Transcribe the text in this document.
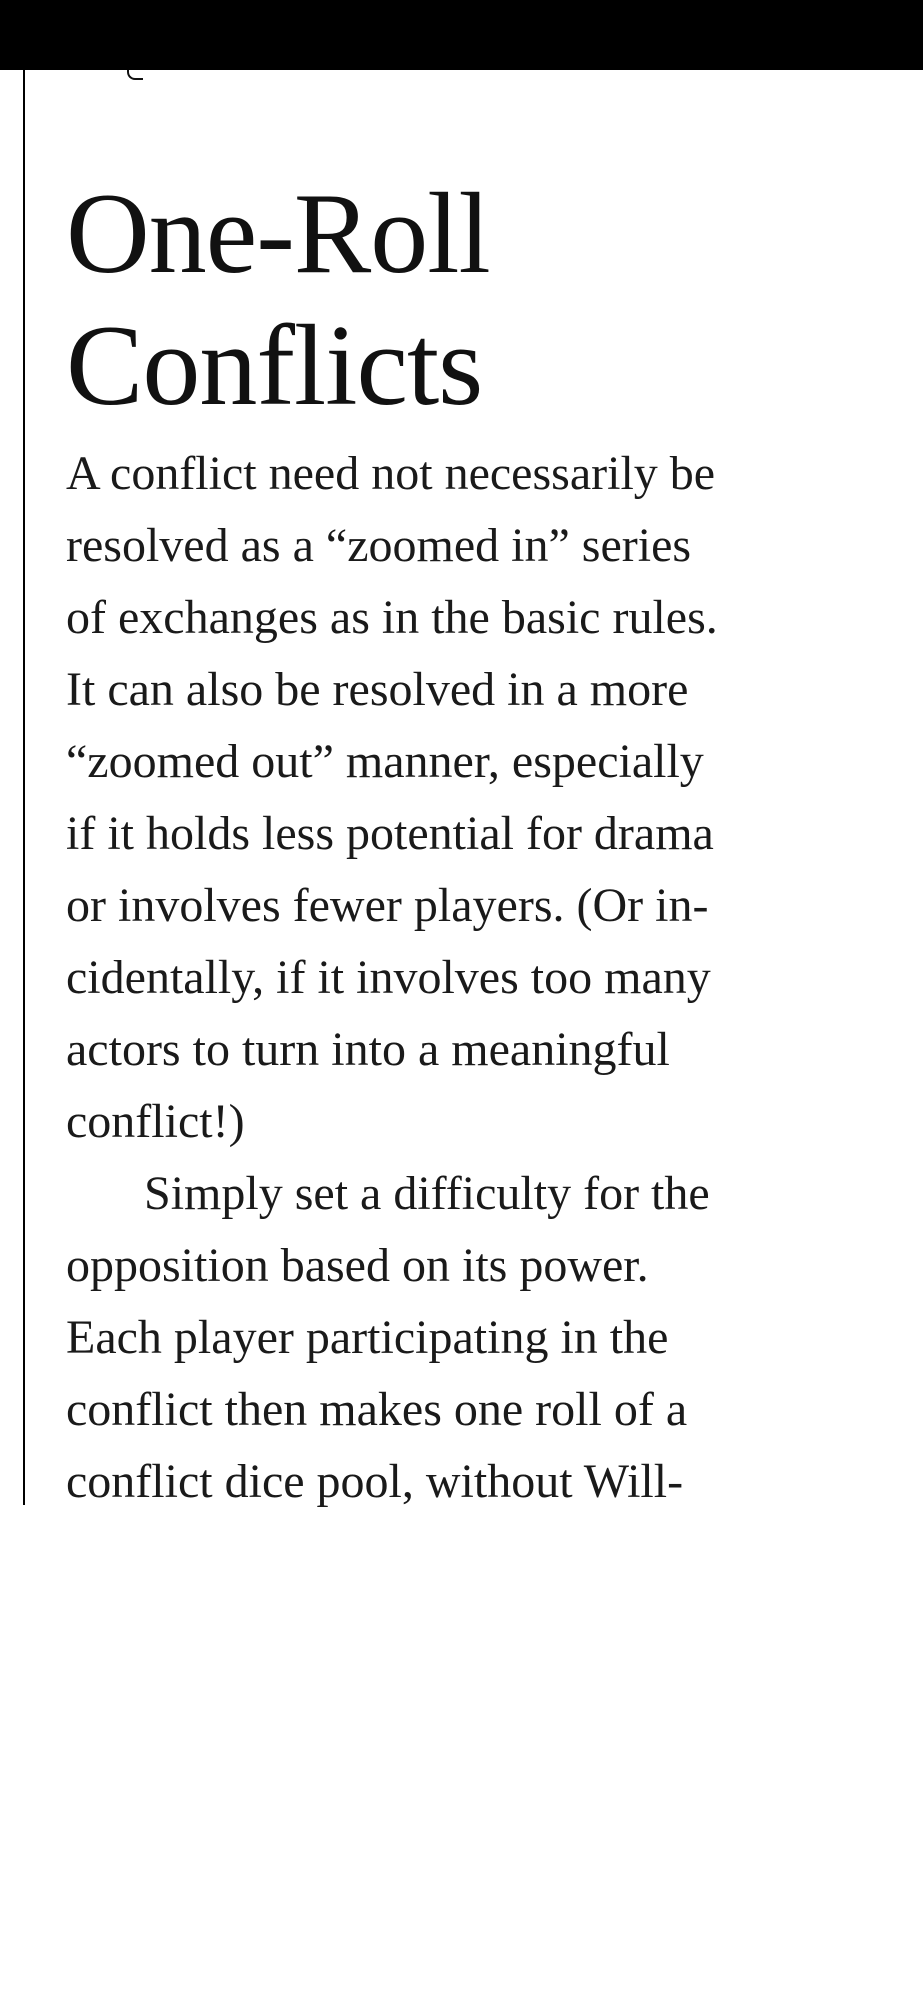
One-Roll
Conflicts
A conflict need not necessarily be
resolved as a “zoomed in” series
of exchanges as in the basic rules.
It can also be resolved in a more
“zoomed out” manner, especially
if it holds less potential for drama
or involves fewer players. (Or in-
cidentally, if it involves too many
actors to turn into a meaningful
conflict!)
Simply set a difficulty for the
opposition based on its power.
Each player participating in the
conflict then makes one roll of a
conflict dice pool, without Will-
